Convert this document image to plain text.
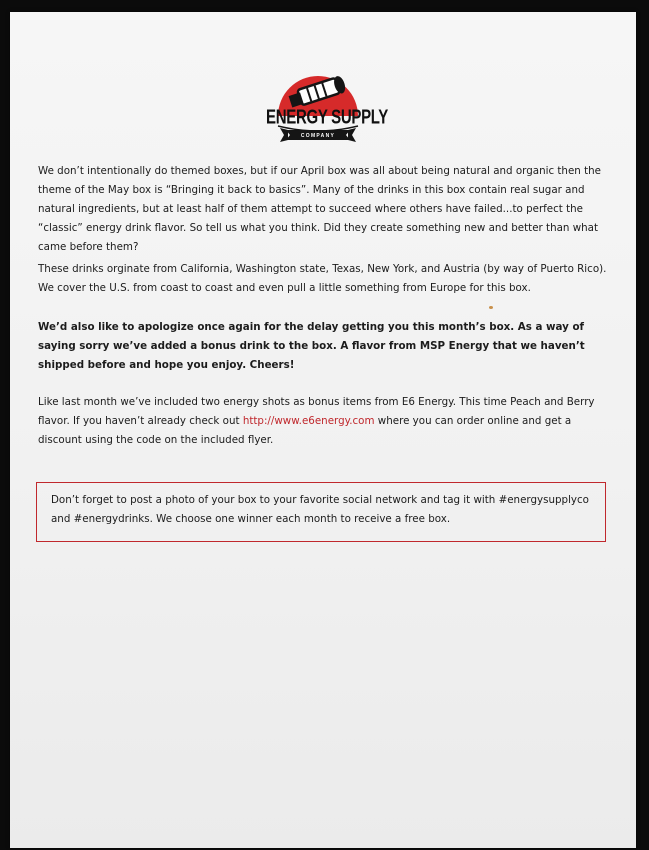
ENERGY SUPPLY
COMPANY

We don’t intentionally do themed boxes, but if our April box was all about being natural and organic then the theme of the May box is “Bringing it back to basics”. Many of the drinks in this box contain real sugar and natural ingredients, but at least half of them attempt to succeed where others have failed...to perfect the “classic” energy drink flavor. So tell us what you think. Did they create something new and better than what came before them?

These drinks orginate from California, Washington state, Texas, New York, and Austria (by way of Puerto Rico). We cover the U.S. from coast to coast and even pull a little something from Europe for this box.

We’d also like to apologize once again for the delay getting you this month’s box. As a way of saying sorry we’ve added a bonus drink to the box. A flavor from MSP Energy that we haven’t shipped before and hope you enjoy. Cheers!

Like last month we’ve included two energy shots as bonus items from E6 Energy. This time Peach and Berry flavor. If you haven’t already check out http://www.e6energy.com where you can order online and get a discount using the code on the included flyer.

Don’t forget to post a photo of your box to your favorite social network and tag it with #energysupplyco and #energydrinks. We choose one winner each month to receive a free box.
